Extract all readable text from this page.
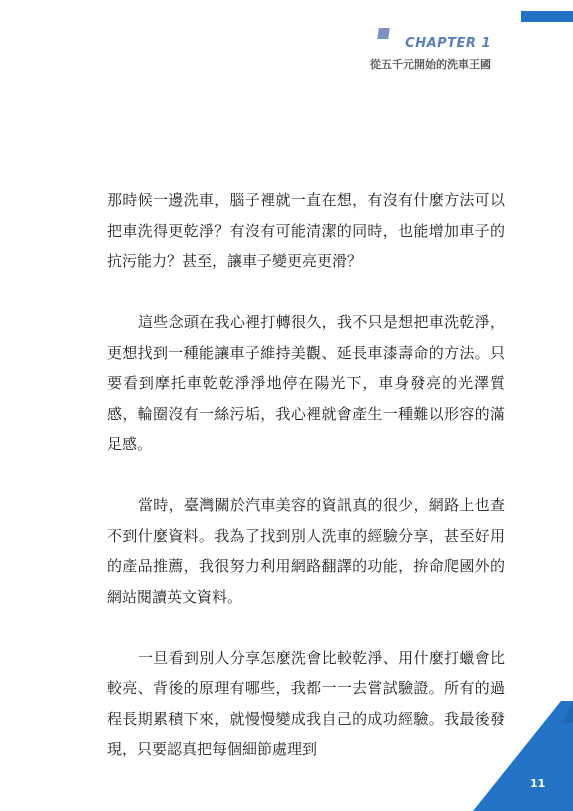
CHAPTER 1
從五千元開始的洗車王國

那時候一邊洗車，腦子裡就一直在想，有沒有什麼方法可以把車洗得更乾淨？有沒有可能清潔的同時，也能增加車子的抗污能力？甚至，讓車子變更亮更滑？

這些念頭在我心裡打轉很久，我不只是想把車洗乾淨，更想找到一種能讓車子維持美觀、延長車漆壽命的方法。只要看到摩托車乾乾淨淨地停在陽光下，車身發亮的光澤質感，輪圈沒有一絲污垢，我心裡就會產生一種難以形容的滿足感。

當時，臺灣關於汽車美容的資訊真的很少，網路上也查不到什麼資料。我為了找到別人洗車的經驗分享，甚至好用的產品推薦，我很努力利用網路翻譯的功能，拚命爬國外的網站閱讀英文資料。

一旦看到別人分享怎麼洗會比較乾淨、用什麼打蠟會比較亮、背後的原理有哪些，我都一一去嘗試驗證。所有的過程長期累積下來，就慢慢變成我自己的成功經驗。我最後發現，只要認真把每個細節處理到

11
